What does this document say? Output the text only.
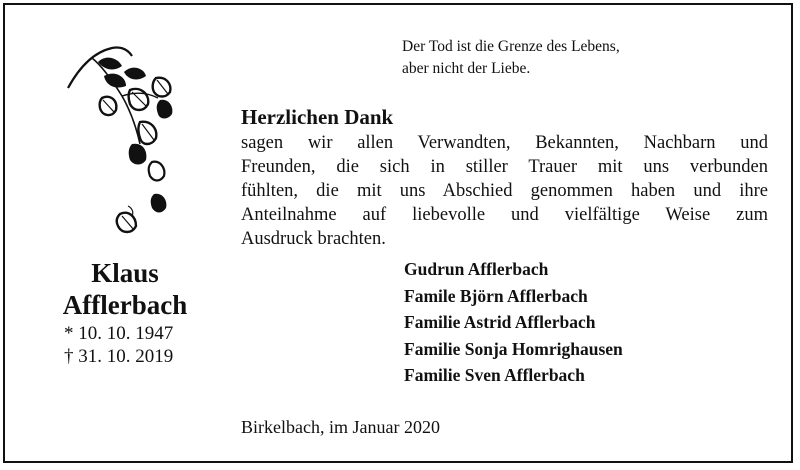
Klaus
Afflerbach
* 10. 10. 1947
† 31. 10. 2019
Der Tod ist die Grenze des Lebens,
aber nicht der Liebe.
Herzlichen Dank
sagen wir allen Verwandten, Bekannten, Nachbarn und
Freunden, die sich in stiller Trauer mit uns verbunden
fühlten, die mit uns Abschied genommen haben und ihre
Anteilnahme auf liebevolle und vielfältige Weise zum
Ausdruck brachten.
Gudrun Afflerbach
Famile Björn Afflerbach
Familie Astrid Afflerbach
Familie Sonja Homrighausen
Familie Sven Afflerbach
Birkelbach, im Januar 2020
